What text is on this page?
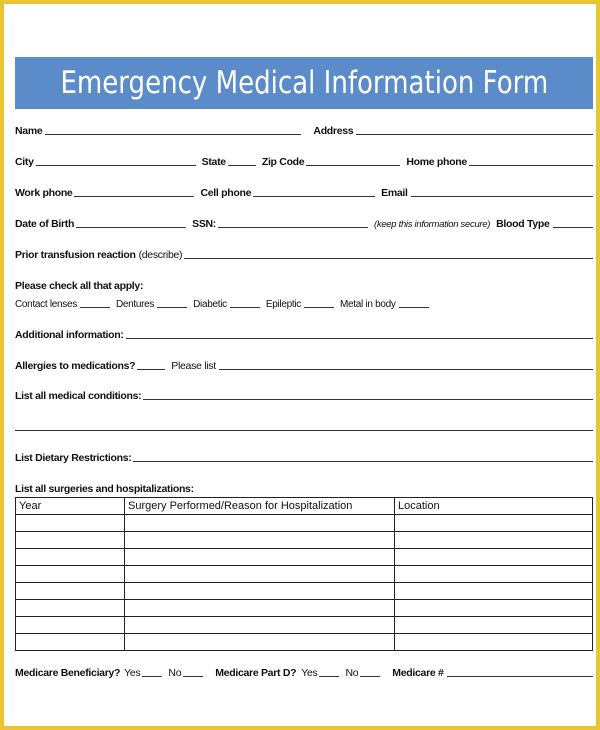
Emergency Medical Information Form
Name	Address
City	State	Zip Code	Home phone
Work phone	Cell phone	Email
Date of Birth	SSN:	(keep this information secure) Blood Type
Prior transfusion reaction (describe)
Please check all that apply:
Contact lenses	Dentures	Diabetic	Epileptic	Metal in body
Additional information:
Allergies to medications?	Please list
List all medical conditions:
List Dietary Restrictions:
List all surgeries and hospitalizations:
Year	Surgery Performed/Reason for Hospitalization	Location

Medicare Beneficiary? Yes	No	Medicare Part D? Yes	No	Medicare #
